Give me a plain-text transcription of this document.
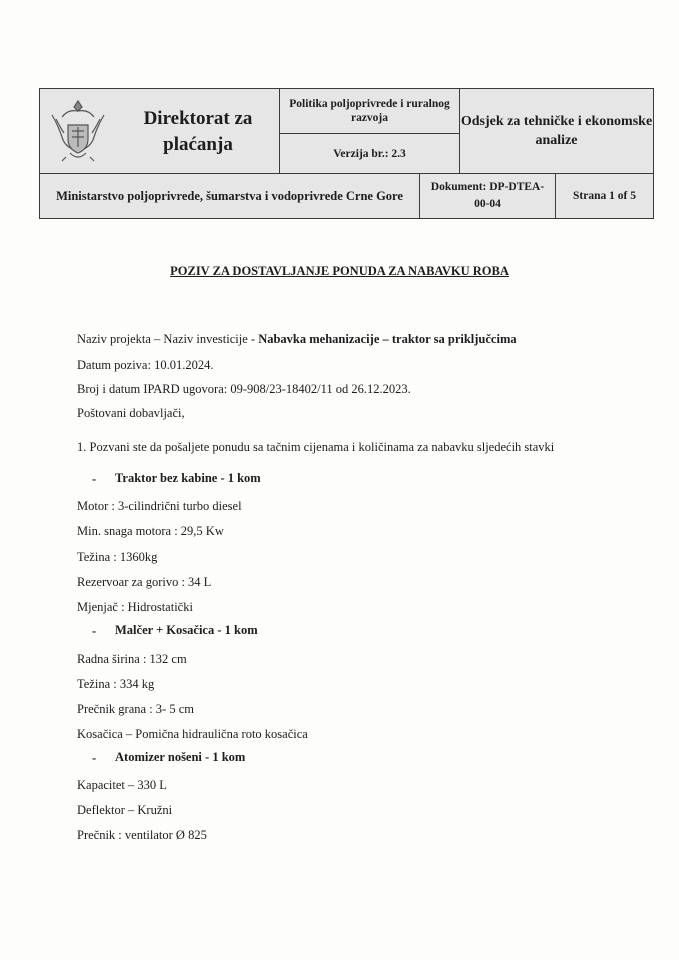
Direktorat za plaćanja
Politika poljoprivrede i ruralnog razvoja
Verzija br.: 2.3
Odsjek za tehničke i ekonomske analize
Ministarstvo poljoprivrede, šumarstva i vodoprivrede Crne Gore
Dokument: DP-DTEA-00-04
Strana 1 of 5
POZIV ZA DOSTAVLJANJE PONUDA ZA NABAVKU ROBA
Naziv projekta – Naziv investicije - Nabavka mehanizacije – traktor sa priključcima
Datum poziva: 10.01.2024.
Broj i datum IPARD ugovora: 09-908/23-18402/11 od 26.12.2023.
Poštovani dobavljači,
1. Pozvani ste da pošaljete ponudu sa tačnim cijenama i količinama za nabavku sljedećih stavki
- Traktor bez kabine - 1 kom
Motor : 3-cilindrični turbo diesel
Min. snaga motora : 29,5 Kw
Težina : 1360kg
Rezervoar za gorivo : 34 L
Mjenjač : Hidrostatički
- Malčer + Kosačica - 1 kom
Radna širina : 132 cm
Težina : 334 kg
Prečnik grana : 3- 5 cm
Kosačica – Pomična hidraulična roto kosačica
- Atomizer nošeni - 1 kom
Kapacitet – 330 L
Deflektor – Kružni
Prečnik : ventilator Ø 825
